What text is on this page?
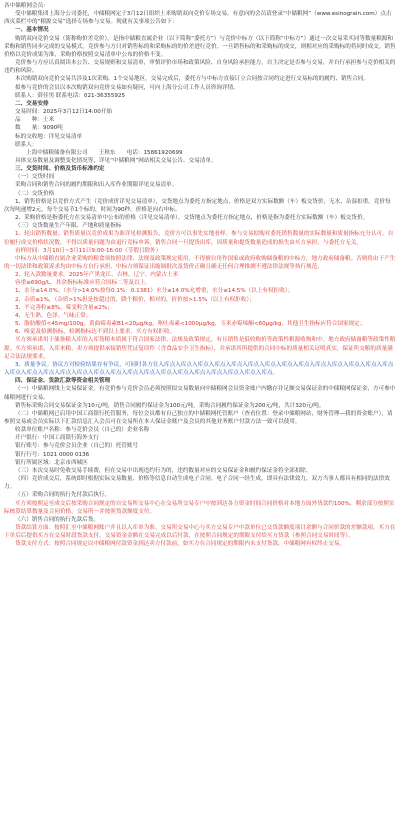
各中储粮网会员：

受中储粮集团上海分公司委托，中储粮网定于3月12日组织土米购销双向竞价专场交易，有意向的会员请登录“中储粮网”（www.esinograin.com）点击西页菜栏中的“粮源交易”选择专场参与交易。现就有关事项公告如下：

一、基本情况

购销双向竞价交易（简称购价差竞价），是指中储粮直属企业（以下简称“委托方”）与竞价中标方（以下简称“中标方”）通过一次交易采买同等数量粮源和采购和销售同步完成的交易模式。竞价参与方只对销售标的和采购标的的价差进行竞价，一旦销售标的和采购标的成交，则相对应的采购标的将同时成交。销售价格以竞价成果为准，采购价格按照交易清单中公布的价格不变。

竞价参与方应认真阅读本公告、交易规则和交易清单，审慎评价市场和政策风险、自身风险承担能力，自主决定是否参与交易，并自行承担参与竞价相关的违约和风险。

本次购销双向竞价交易共涉及1次采购、1个交易地区，交易完成后，委托方与中标方直接订立合同按合同约定进行交易标的的履约、销售合同。

拟参与竞价的会员以本次购销双向竞价交易如有疑问，可向上海分公司工作人员咨询详情。

联系人：薛佳男 联系电话：021-36355925

二、交易安排

交易时间：2025年3月12日14:00开始

品　　种：土米

数　　量：9090吨

标的交收地：详见交易清单

联系人：

上海中储粮储备有限公司　　王秋东　　电话：15861920699

具体交易数量及调整变化情况等，详见“中储粮网”网站相关交易公告、交易清单。

三、交货时间、价格及货币标准约定

（一）交货时间

采购合同和销售合同的履约期限和出入库作业期限详见交易清单。

（二）交货价格

1、销售价格是以竞价方式产生（竞价成价详见交易清单），交货地点为委托方指定地点，价格是双方实际数额（车）板交货价，无水、杂湿扣重。竞价每次每吨递增2元，每个交易节1个标的，时间为90秒，价格是向右申标。

2、采购价格是指委托方在交易清单中公布的价格（详见交易清单），交货地点为委托方指定地点，价格是指为委托方实际数额（车）板交货价。

（三）交货数量生产年限、产地和质量指标

1、轮出销售数量、销售质量以竞价成果为准详见检测报告，竞价方可以事先实地看样。参与交易拟购对委托销售数量的实际数量和质量指标充分认可，自位履行成交价格状况数，不得以质量问题为由退行竞标申诉。销售合同一旦提货出库，因质量和提货数量造成的损失由买方承担，与委托方无关。

看样时间：3月10日~3月11日9:00-16:00（节假日除外）

中标方从中储粮直属企业采购的粮食须按照法律、法规及政策规定使用，不得擅自用作国家或政府收购储备粮的中标方，地方政府储备粮。否则将由于产生的一切法律和政策诉求均由中标方自行承担，中标方须保证出缩调批次及货价正确且确无任何合理推测不遵法律法规等执行规范。

2、轮入款数量要求。2025年产黑龙江、吉林、辽宁、内蒙古土米

容重≥690g/L，其余指标标准应符合国标二等及以上。

1、水分≤14.0%。（水分>14.0%按每0.1%：0.1381）水分≤14.0%允增重，水分≤14.5%（以上有权拒收）；

2、杂质≤1%，（杂质>1%但是按超过的，降个粮价，相对的，折价按>1.5%（以上有权拒收）；

3、不完善粒≤8%，霉变粒含量≤2%；

4、无生熟、色泽、气味正常；

5、脂肪酸值<45mg/100g，黄曲霉毒素B1<20μg/kg，呕吐毒素<1000μg/kg，玉米赤霉烯酮<60μg/kg，其他卫生指标应符合国家规定；

6、嗅觉及检测指标，检测指标达不到以上要求，买方有权拒收。

买方须承诺用于储备粮入库的入库货粮本质属于符合国家法律、法规及政策规定，有且销售是低收购价等政策性粮源收购和中、地方政府储备粮等政策性粮源。买方须承诺，入库来粮、卖方须提供承接销售凭证复印件（含食品安全卫生指标），并承诺其所提供的合同中标的质量相关证明真实，保证所交粮的质量满足合法法规要求。

3、质量争议。协议方对检验结果存有争议，可同时各方在入库点入库点入库点入库点入库点入库点入库点入库点入库点入库点入库点入库点入库点入库点入库点入库点入库点入库点入库点入库点入库点入库点入库点入库点入库点入库点入库点入库点入库点入库点。

四、保证金、货款汇款等资金相关管理

（一）中储粮网线上交易保证金，有竞价参与竞价会员必须按照拟交易数量向中储粮网会员资金账户内缴存并足额交易保证金的中储粮网保证金，方可参中储粮网进行交易。

销售标采购合同交易保证金为10元/吨，销售合同履约保证金为100元/吨，采购合同履约保证金为200元/吨，共计320元/吨。

（二）中储粮网已启用中国工商银行托管服务，每位会员都有自己独立的中储粮网托管账户（查看位置：登录中储粮网站，财务管理—我的资金账户），请参照交易或会员实际以下汇款信息汇入会员可在交易所在本人保证金账户及会员的其他业务账户付款方法一致可以使用。

收款单位账户名称：参与竞价会员（自己的）企业名称

开户银行：中国工商银行海外支行

银行账号：参与竞价会员企业（自己的）托管账号

银行行号：1021 0000 0136

银行所属区域：北京市西城区

（三）本次交易时免收交易手续费，但在交易中出现违约行为的，违约数量对应的交易保证金和履约保证金将全部扣除。

（四）竞价成交后，系统即时根据实际交易数量、价格等信息自动生成电子合同。电子合同一经生成，即具有法律效力，双方当事人都具有相同的法律效力。

（五）采购合同的执行先付款后执行。

买方须按照运至成交后按采购合同规定的自交易所交易中心在交易所交易专户中按到达各方资金时间合同价格对本地方面外货款约100%，剩余部分按照实际核算结算数量及合同价格，交易所一并按照货款额度支付。

（六）销售合同的执行先款后货。

货款结算方面：按照汇至中储粮网账户并且以入库单为准。交易所交易中心与买方交易专户中款单位已交货款额度项目余额与合同价款的差额款项，买方在下单后后提供买方在交易时段货款支付，交易资金金额在交易完成以后付款，在按照合同规定的期限支付给买方货款（参照合同交易时间等）。

货款支付方式：按照合同规定以中储粮网付款资金到达卖方付款前，如买方在合同规定的期限内未支付货款，中储粮网有权终止交易。
